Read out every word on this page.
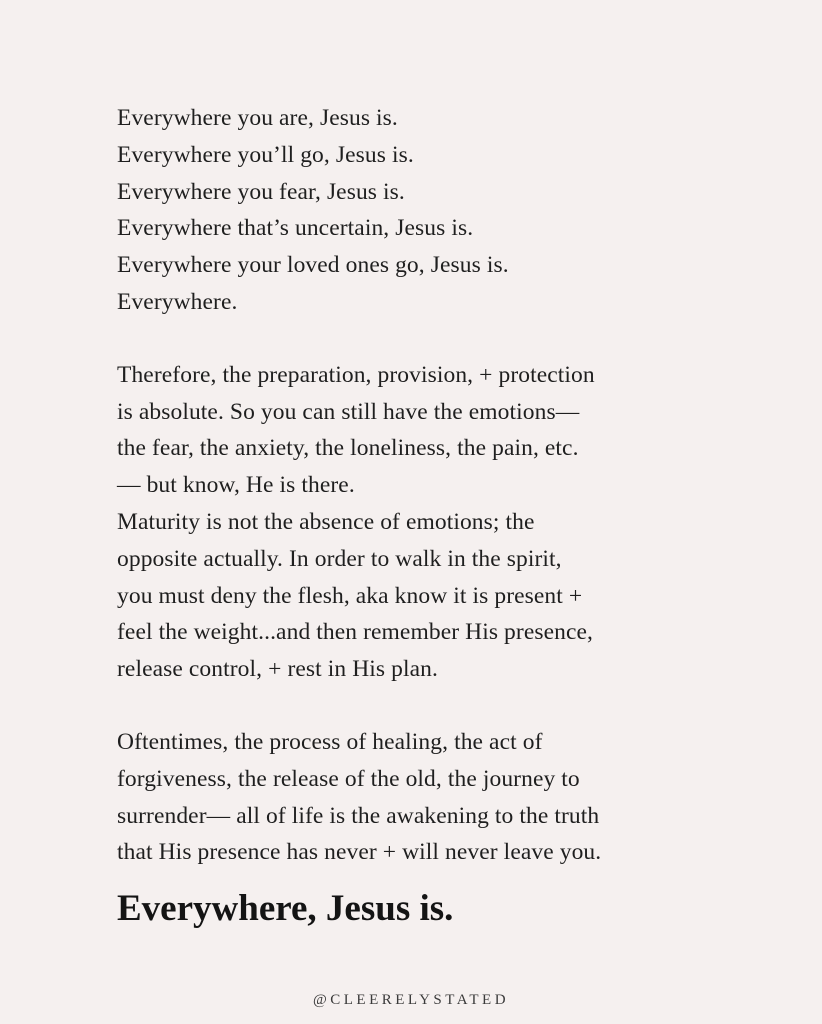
Everywhere you are, Jesus is.
Everywhere you’ll go, Jesus is.
Everywhere you fear, Jesus is.
Everywhere that’s uncertain, Jesus is.
Everywhere your loved ones go, Jesus is.
Everywhere.
Therefore, the preparation, provision, + protection
is absolute. So you can still have the emotions—
the fear, the anxiety, the loneliness, the pain, etc.
— but know, He is there.
Maturity is not the absence of emotions; the
opposite actually. In order to walk in the spirit,
you must deny the flesh, aka know it is present +
feel the weight...and then remember His presence,
release control, + rest in His plan.
Oftentimes, the process of healing, the act of
forgiveness, the release of the old, the journey to
surrender— all of life is the awakening to the truth
that His presence has never + will never leave you.
Everywhere, Jesus is.
@CLEERELYSTATED
